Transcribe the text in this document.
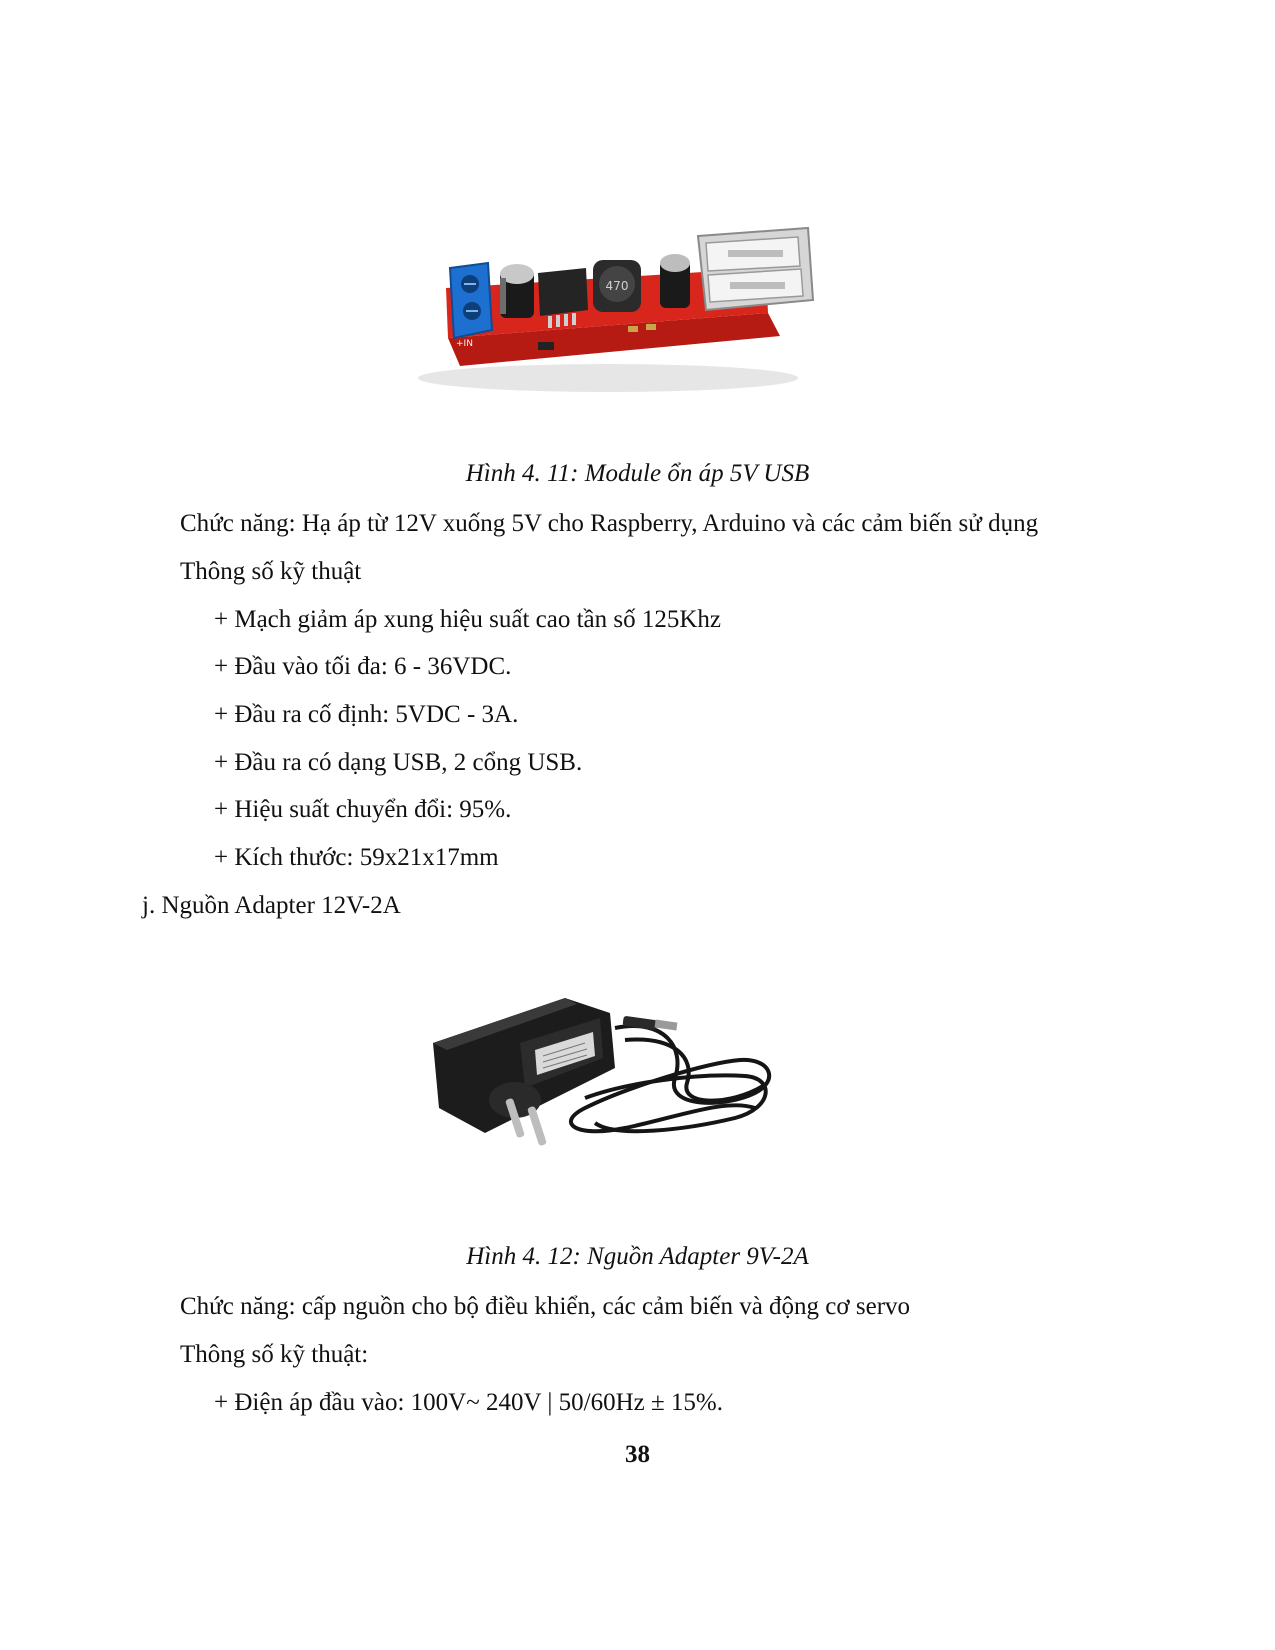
470
+IN
Hình 4. 11: Module ổn áp 5V USB
Chức năng: Hạ áp từ 12V xuống 5V cho Raspberry, Arduino và các cảm biến sử dụng
Thông số kỹ thuật
+ Mạch giảm áp xung hiệu suất cao tần số 125Khz
+ Đầu vào tối đa: 6 - 36VDC.
+ Đầu ra cố định: 5VDC - 3A.
+ Đầu ra có dạng USB, 2 cổng USB.
+ Hiệu suất chuyển đổi: 95%.
+ Kích thước: 59x21x17mm
j. Nguồn Adapter 12V-2A
Hình 4. 12: Nguồn Adapter 9V-2A
Chức năng: cấp nguồn cho bộ điều khiển, các cảm biến và động cơ servo
Thông số kỹ thuật:
+ Điện áp đầu vào: 100V~ 240V | 50/60Hz ± 15%.
38
